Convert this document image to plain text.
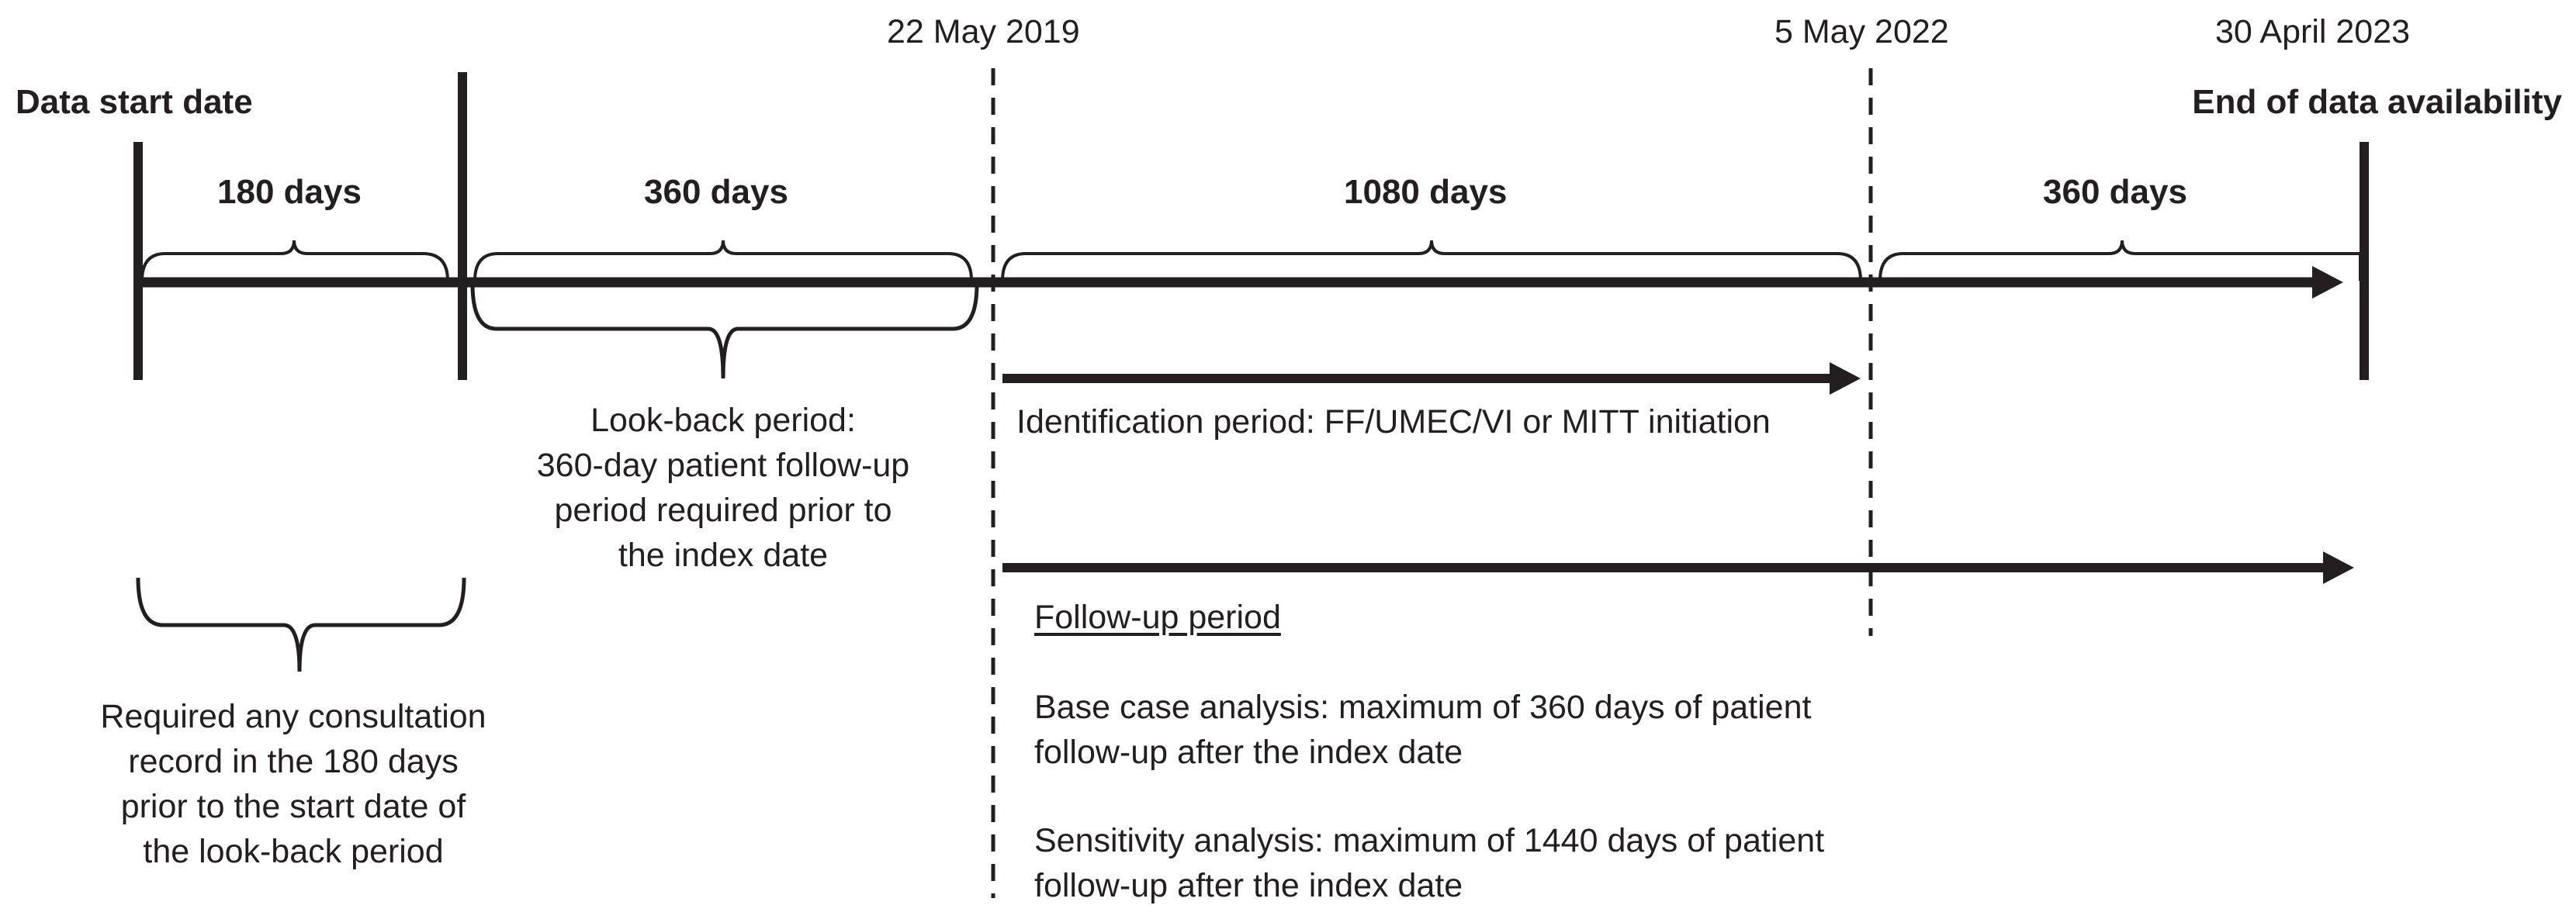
22 May 2019	5 May 2022	30 April 2023

Data start date	End of data availability

180 days	360 days	1080 days	360 days

Look-back period:
360-day patient follow-up
period required prior to
the index date
Required any consultation
record in the 180 days
prior to the start date of
the look-back period

Identification period: FF/UMEC/VI or MITT initiation

Follow-up period

Base case analysis: maximum of 360 days of patient
follow-up after the index date
Sensitivity analysis: maximum of 1440 days of patient
follow-up after the index date
